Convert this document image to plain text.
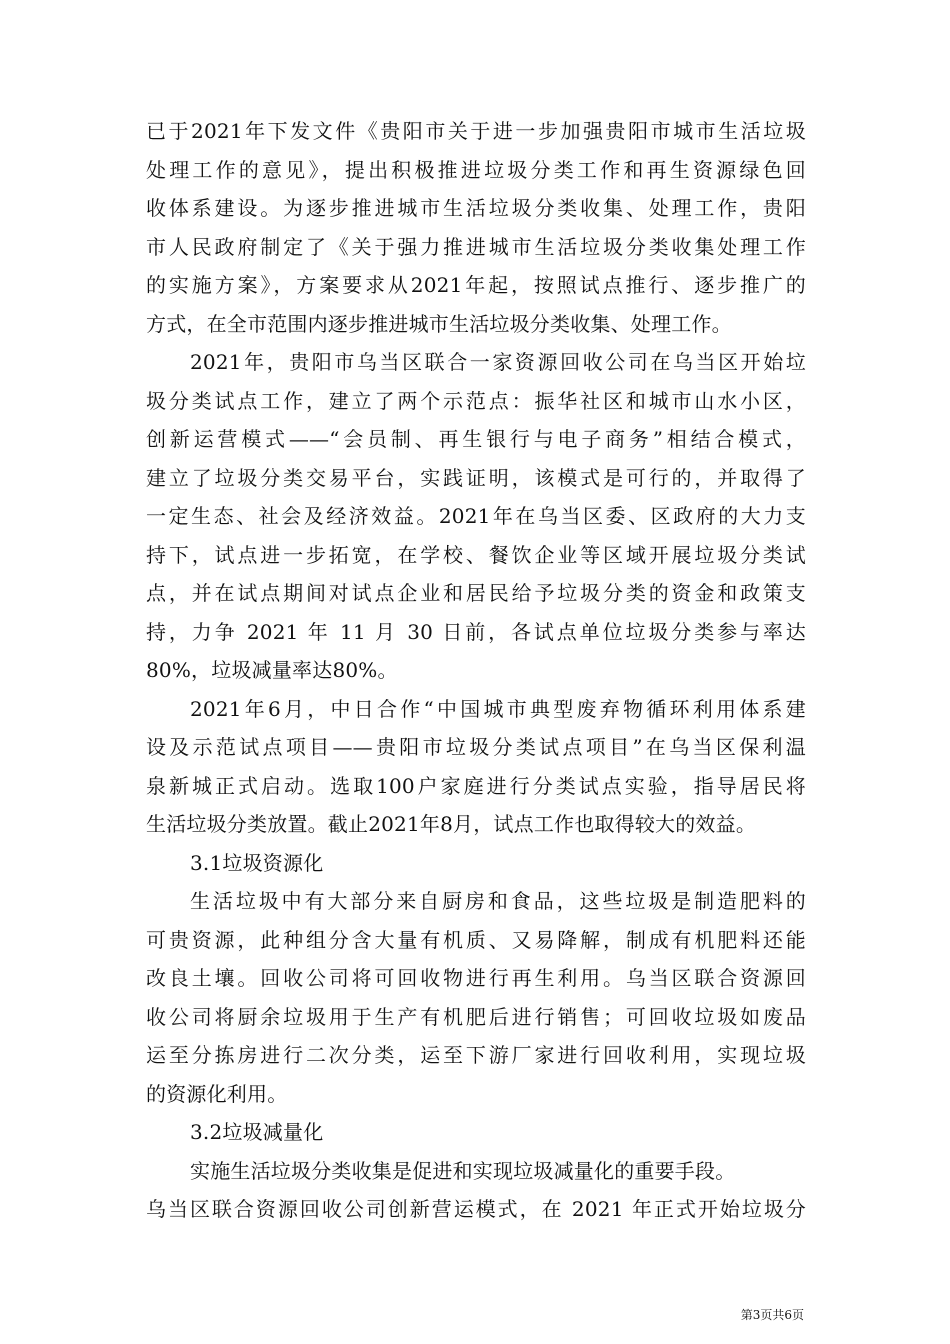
已于2021年下发文件《贵阳市关于进一步加强贵阳市城市生活垃圾
处理工作的意见》，提出积极推进垃圾分类工作和再生资源绿色回
收体系建设。为逐步推进城市生活垃圾分类收集、处理工作，贵阳
市人民政府制定了《关于强力推进城市生活垃圾分类收集处理工作
的实施方案》，方案要求从2021年起，按照试点推行、逐步推广的
方式，在全市范围内逐步推进城市生活垃圾分类收集、处理工作。
2021年，贵阳市乌当区联合一家资源回收公司在乌当区开始垃
圾分类试点工作，建立了两个示范点：振华社区和城市山水小区，
创新运营模式——“会员制、再生银行与电子商务”相结合模式，
建立了垃圾分类交易平台，实践证明，该模式是可行的，并取得了
一定生态、社会及经济效益。2021年在乌当区委、区政府的大力支
持下，试点进一步拓宽，在学校、餐饮企业等区域开展垃圾分类试
点，并在试点期间对试点企业和居民给予垃圾分类的资金和政策支
持，力争 2021 年 11 月 30 日前，各试点单位垃圾分类参与率达
80%，垃圾减量率达80%。
2021年6月，中日合作“中国城市典型废弃物循环利用体系建
设及示范试点项目——贵阳市垃圾分类试点项目”在乌当区保利温
泉新城正式启动。选取100户家庭进行分类试点实验，指导居民将
生活垃圾分类放置。截止2021年8月，试点工作也取得较大的效益。
3.1垃圾资源化
生活垃圾中有大部分来自厨房和食品，这些垃圾是制造肥料的
可贵资源，此种组分含大量有机质、又易降解，制成有机肥料还能
改良土壤。回收公司将可回收物进行再生利用。乌当区联合资源回
收公司将厨余垃圾用于生产有机肥后进行销售；可回收垃圾如废品
运至分拣房进行二次分类，运至下游厂家进行回收利用，实现垃圾
的资源化利用。
3.2垃圾减量化
实施生活垃圾分类收集是促进和实现垃圾减量化的重要手段。
乌当区联合资源回收公司创新营运模式，在 2021 年正式开始垃圾分
第3页共6页
